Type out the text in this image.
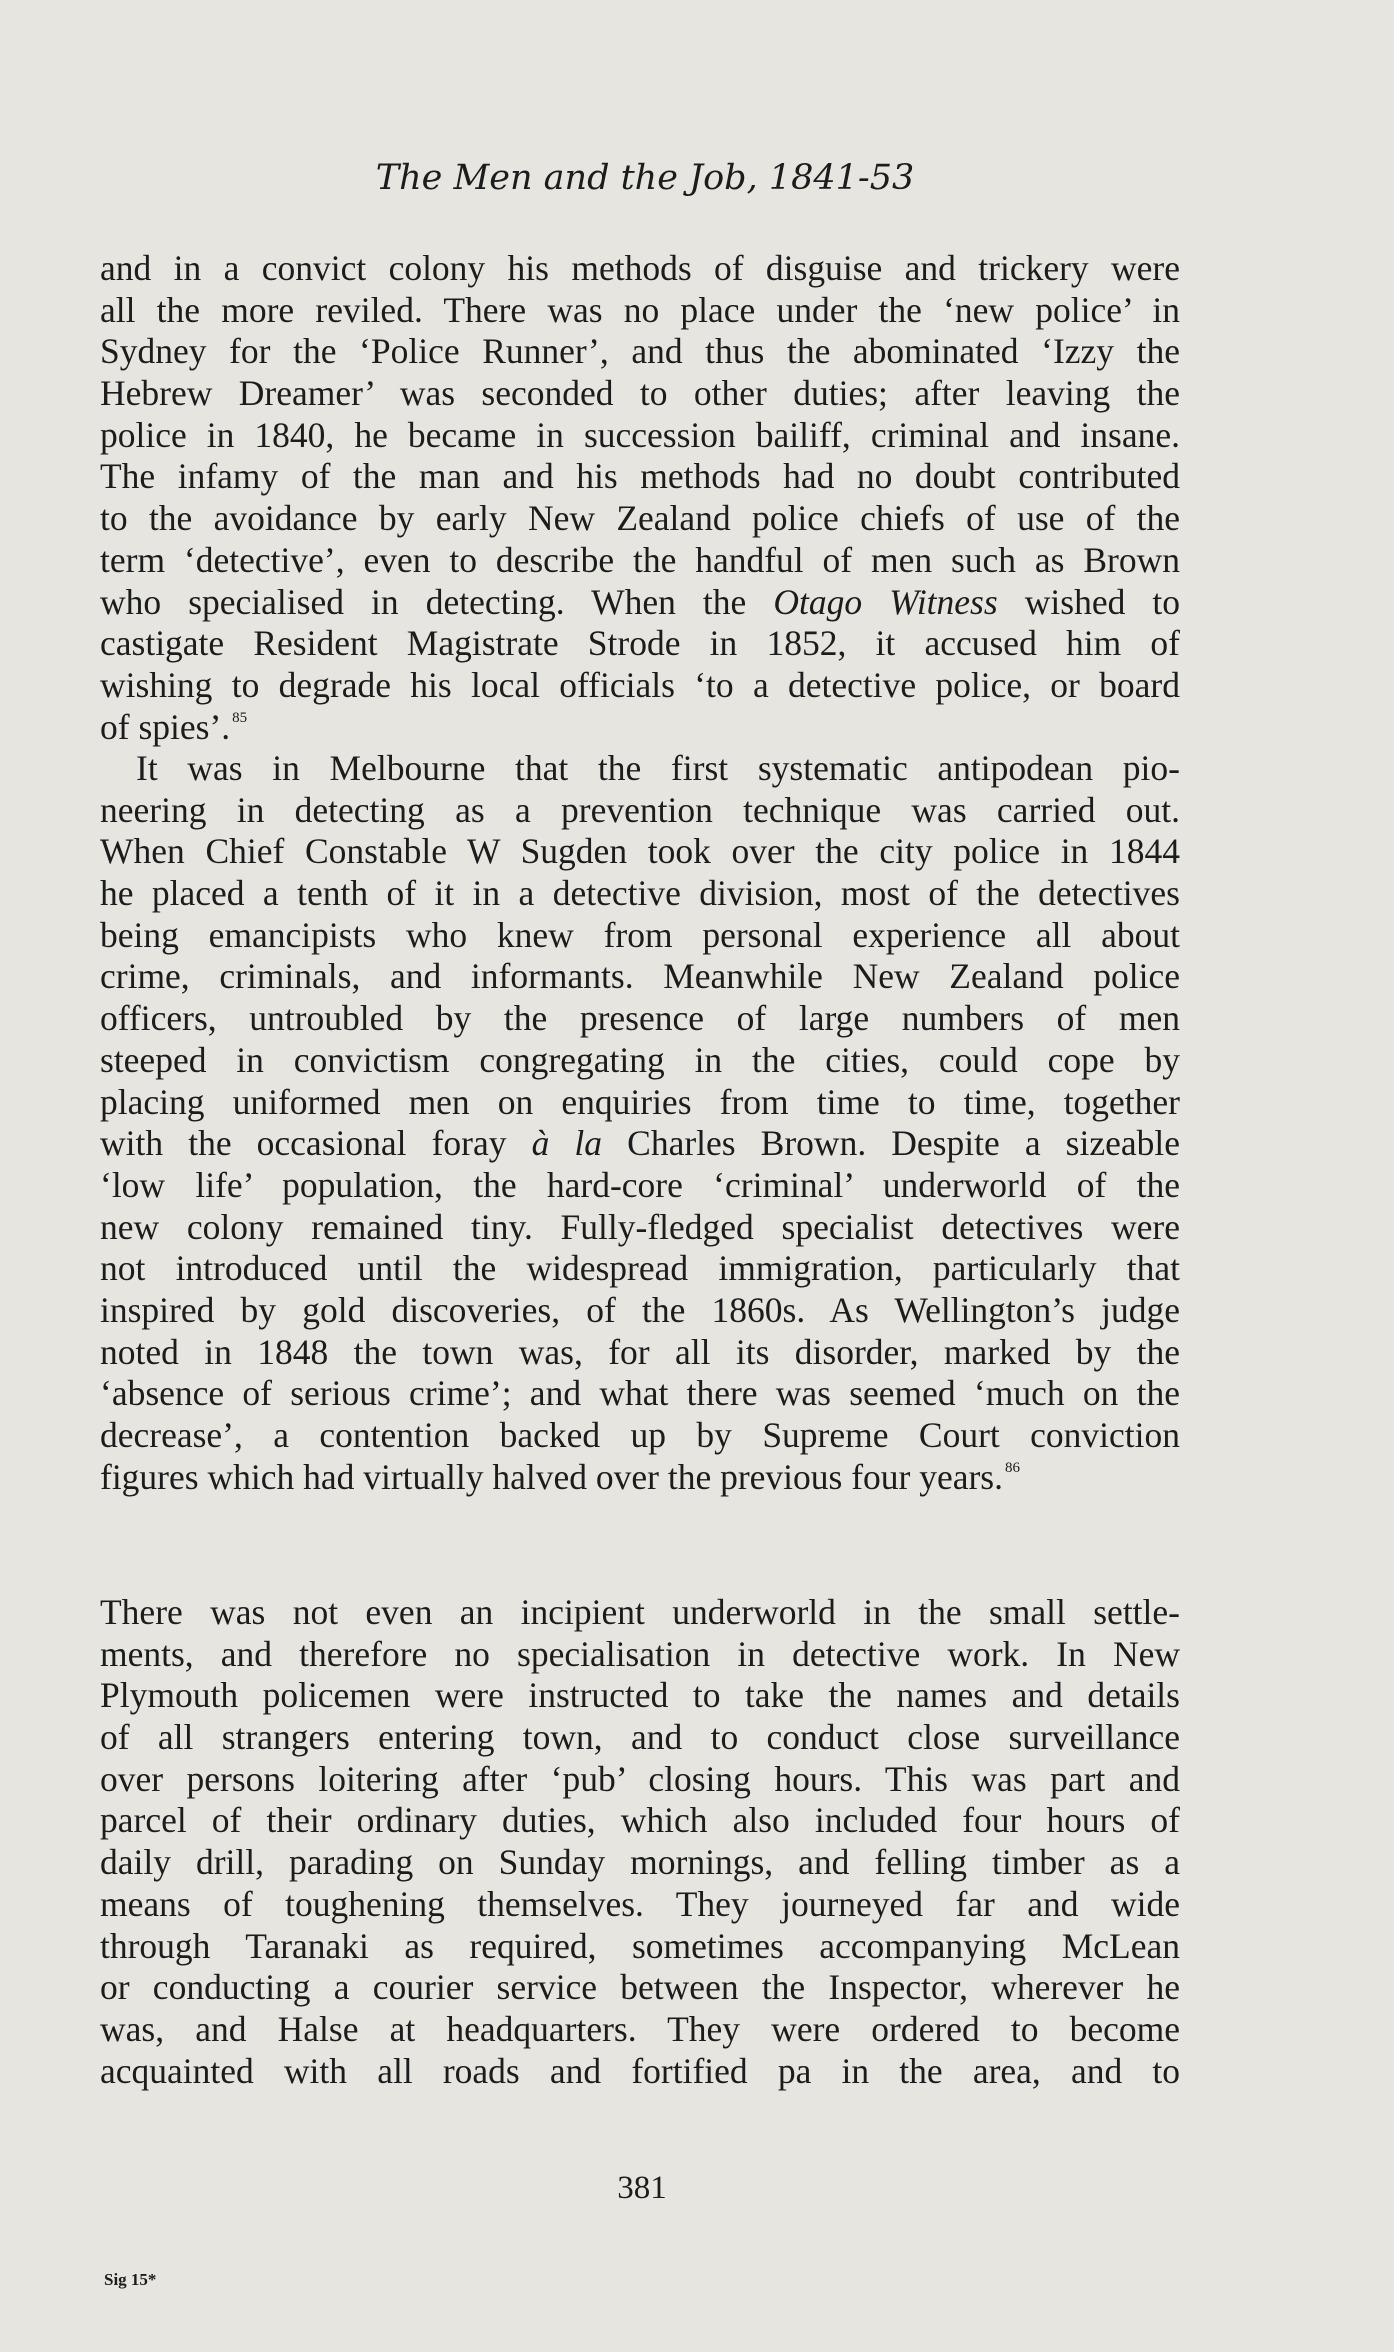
The Men and the Job, 1841-53
and in a convict colony his methods of disguise and trickery were
all the more reviled. There was no place under the ‘new police’ in
Sydney for the ‘Police Runner’, and thus the abominated ‘Izzy the
Hebrew Dreamer’ was seconded to other duties; after leaving the
police in 1840, he became in succession bailiff, criminal and insane.
The infamy of the man and his methods had no doubt contributed
to the avoidance by early New Zealand police chiefs of use of the
term ‘detective’, even to describe the handful of men such as Brown
who specialised in detecting. When the Otago Witness wished to
castigate Resident Magistrate Strode in 1852, it accused him of
wishing to degrade his local officials ‘to a detective police, or board
of spies’. $^{85}$
It was in Melbourne that the first systematic antipodean pio-
neering in detecting as a prevention technique was carried out.
When Chief Constable W Sugden took over the city police in 1844
he placed a tenth of it in a detective division, most of the detectives
being emancipists who knew from personal experience all about
crime, criminals, and informants. Meanwhile New Zealand police
officers, untroubled by the presence of large numbers of men
steeped in convictism congregating in the cities, could cope by
placing uniformed men on enquiries from time to time, together
with the occasional foray à la Charles Brown. Despite a sizeable
‘low life’ population, the hard-core ‘criminal’ underworld of the
new colony remained tiny. Fully-fledged specialist detectives were
not introduced until the widespread immigration, particularly that
inspired by gold discoveries, of the 1860s. As Wellington’s judge
noted in 1848 the town was, for all its disorder, marked by the
‘absence of serious crime’; and what there was seemed ‘much on the
decrease’, a contention backed up by Supreme Court conviction
figures which had virtually halved over the previous four years. $^{86}$
There was not even an incipient underworld in the small settle-
ments, and therefore no specialisation in detective work. In New
Plymouth policemen were instructed to take the names and details
of all strangers entering town, and to conduct close surveillance
over persons loitering after ‘pub’ closing hours. This was part and
parcel of their ordinary duties, which also included four hours of
daily drill, parading on Sunday mornings, and felling timber as a
means of toughening themselves. They journeyed far and wide
through Taranaki as required, sometimes accompanying McLean
or conducting a courier service between the Inspector, wherever he
was, and Halse at headquarters. They were ordered to become
acquainted with all roads and fortified pa in the area, and to
381
Sig 15*
